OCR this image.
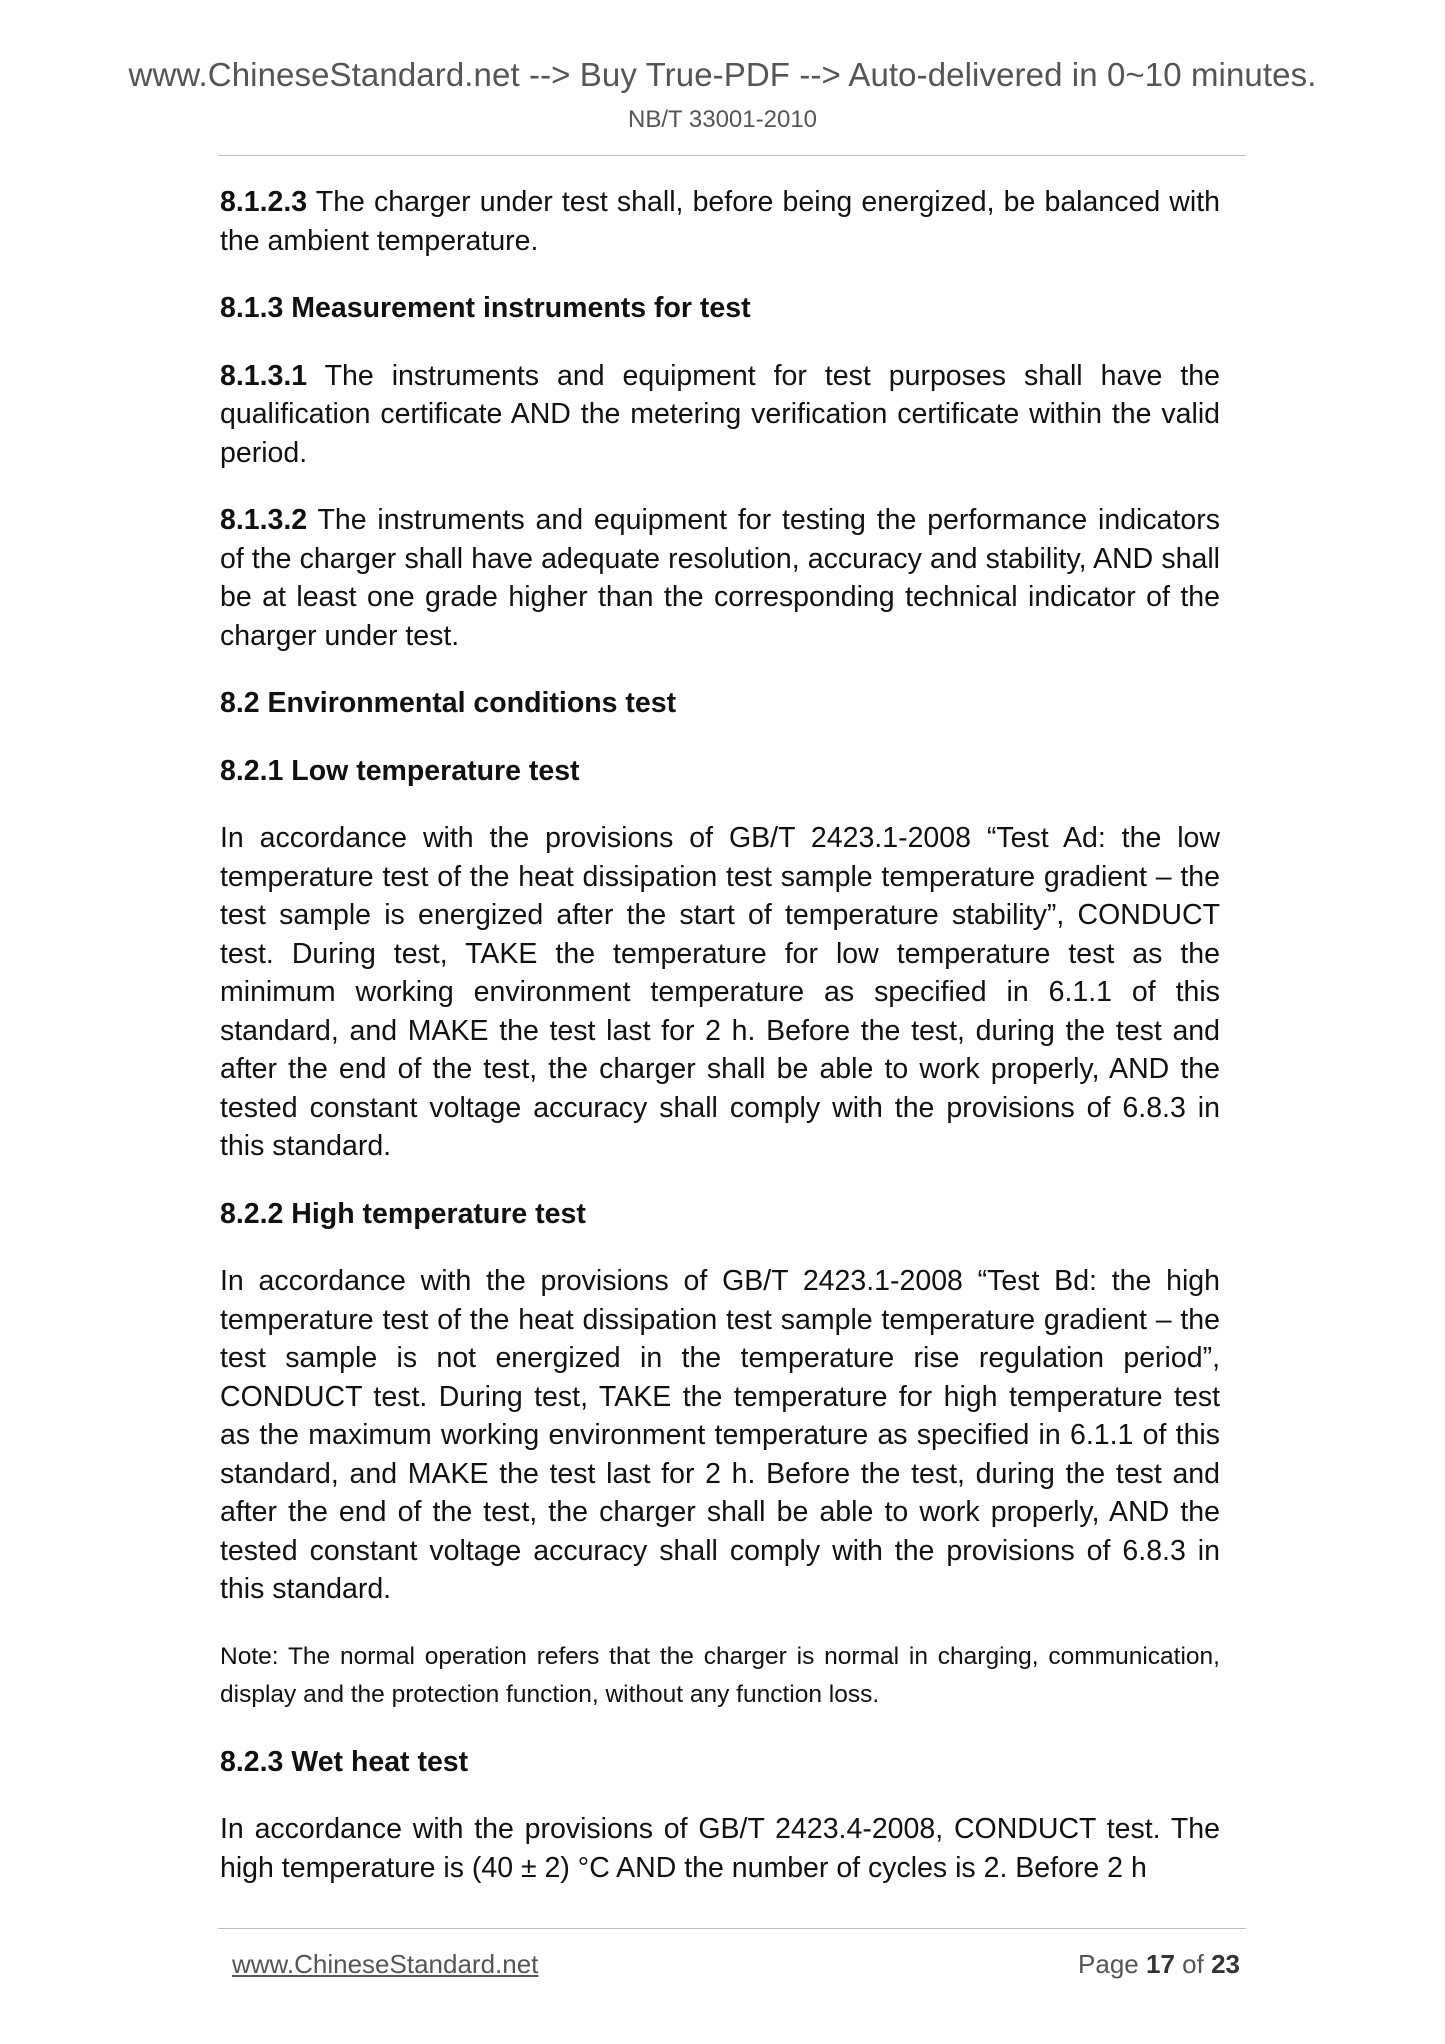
www.ChineseStandard.net --> Buy True-PDF --> Auto-delivered in 0~10 minutes.
NB/T 33001-2010

8.1.2.3 The charger under test shall, before being energized, be balanced with the ambient temperature.

8.1.3 Measurement instruments for test

8.1.3.1 The instruments and equipment for test purposes shall have the qualification certificate AND the metering verification certificate within the valid period.

8.1.3.2 The instruments and equipment for testing the performance indicators of the charger shall have adequate resolution, accuracy and stability, AND shall be at least one grade higher than the corresponding technical indicator of the charger under test.

8.2 Environmental conditions test

8.2.1 Low temperature test

In accordance with the provisions of GB/T 2423.1-2008 “Test Ad: the low temperature test of the heat dissipation test sample temperature gradient – the test sample is energized after the start of temperature stability”, CONDUCT test. During test, TAKE the temperature for low temperature test as the minimum working environment temperature as specified in 6.1.1 of this standard, and MAKE the test last for 2 h. Before the test, during the test and after the end of the test, the charger shall be able to work properly, AND the tested constant voltage accuracy shall comply with the provisions of 6.8.3 in this standard.

8.2.2 High temperature test

In accordance with the provisions of GB/T 2423.1-2008 “Test Bd: the high temperature test of the heat dissipation test sample temperature gradient – the test sample is not energized in the temperature rise regulation period”, CONDUCT test. During test, TAKE the temperature for high temperature test as the maximum working environment temperature as specified in 6.1.1 of this standard, and MAKE the test last for 2 h. Before the test, during the test and after the end of the test, the charger shall be able to work properly, AND the tested constant voltage accuracy shall comply with the provisions of 6.8.3 in this standard.

Note: The normal operation refers that the charger is normal in charging, communication, display and the protection function, without any function loss.

8.2.3 Wet heat test

In accordance with the provisions of GB/T 2423.4-2008, CONDUCT test. The high temperature is (40 ± 2) °C AND the number of cycles is 2. Before 2 h

www.ChineseStandard.net	Page 17 of 23
